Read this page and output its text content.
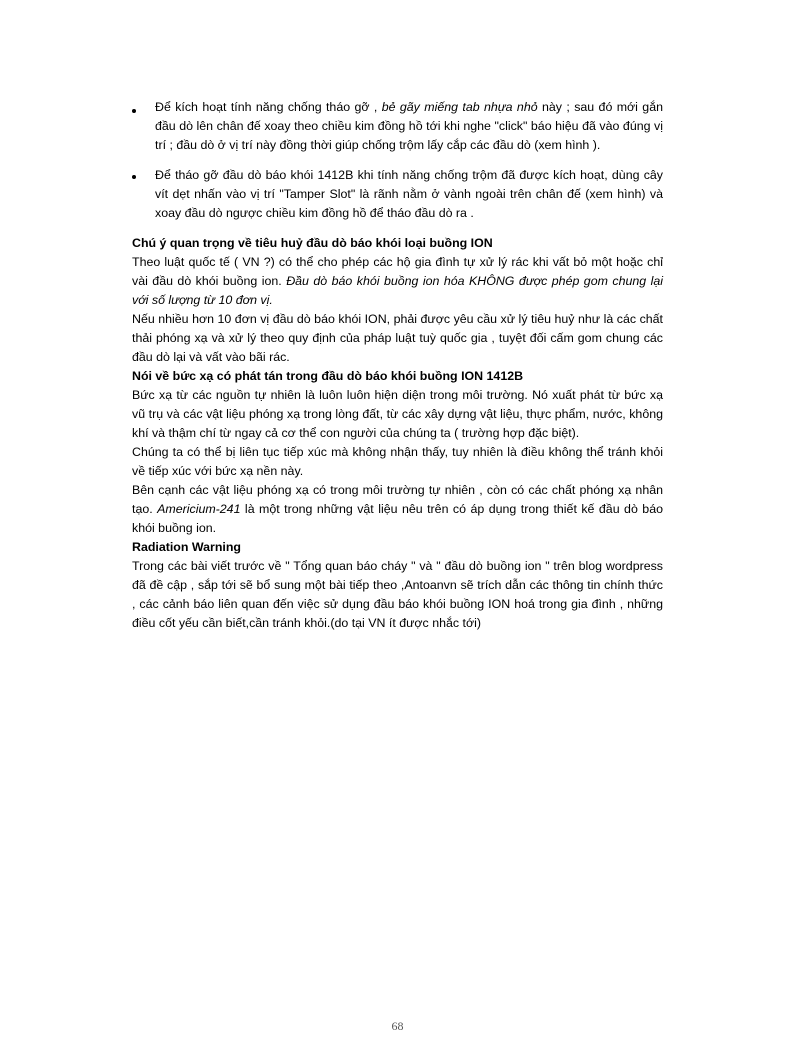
Để kích hoạt tính năng chống tháo gỡ , bẻ gãy miếng tab nhựa nhỏ này ; sau đó mới gắn đầu dò lên chân đế xoay theo chiều kim đồng hồ tới khi nghe "click" báo hiệu đã vào đúng vị trí ; đầu dò ở vị trí này đồng thời giúp chống trộm lấy cắp các đầu dò (xem hình ).
Để tháo gỡ đầu dò báo khói 1412B khi tính năng chống trộm đã được kích hoạt, dùng cây vít dẹt nhấn vào vị trí "Tamper Slot" là rãnh nằm ở vành ngoài trên chân đế (xem hình) và xoay đầu dò ngược chiều kim đồng hồ để tháo đầu dò ra .

Chú ý quan trọng về tiêu huỷ đầu dò báo khói loại buồng ION

Theo luật quốc tế ( VN ?) có thể cho phép các hộ gia đình tự xử lý rác khi vất bỏ một hoặc chỉ vài đầu dò khói buồng ion. Đầu dò báo khói buồng ion hóa KHÔNG được phép gom chung lại với số lượng từ 10 đơn vị.

Nếu nhiều hơn 10 đơn vị đầu dò báo khói ION, phải được yêu cầu xử lý tiêu huỷ như là các chất thải phóng xạ và xử lý theo quy định của pháp luật tuỳ quốc gia , tuyệt đối cấm gom chung các đầu dò lại và vất vào bãi rác.

Nói về bức xạ có phát tán trong đầu dò báo khói buồng ION 1412B

Bức xạ từ các nguồn tự nhiên là luôn luôn hiện diện trong môi trường. Nó xuất phát từ bức xạ vũ trụ và các vật liệu phóng xạ trong lòng đất, từ các xây dựng vật liệu, thực phẩm, nước, không khí và thậm chí từ ngay cả cơ thể con người của chúng ta ( trường hợp đặc biệt).

Chúng ta có thể bị liên tục tiếp xúc mà không nhận thấy, tuy nhiên là điều không thể tránh khỏi về tiếp xúc với bức xạ nền này.

Bên cạnh các vật liệu phóng xạ có trong môi trường tự nhiên , còn có các chất phóng xạ nhân tạo. Americium-241 là một trong những vật liệu nêu trên có áp dụng trong thiết kế đầu dò báo khói buồng ion.

Radiation Warning

Trong các bài viết trước về " Tổng quan báo cháy " và " đầu dò buồng ion " trên blog wordpress đã đề cập , sắp tới sẽ bổ sung một bài tiếp theo ,Antoanvn sẽ trích dẫn các thông tin chính thức , các cảnh báo liên quan đến việc sử dụng đầu báo khói buồng ION hoá trong gia đình , những điều cốt yếu cần biết,cần tránh khỏi.(do tại VN ít được nhắc tới)

68
